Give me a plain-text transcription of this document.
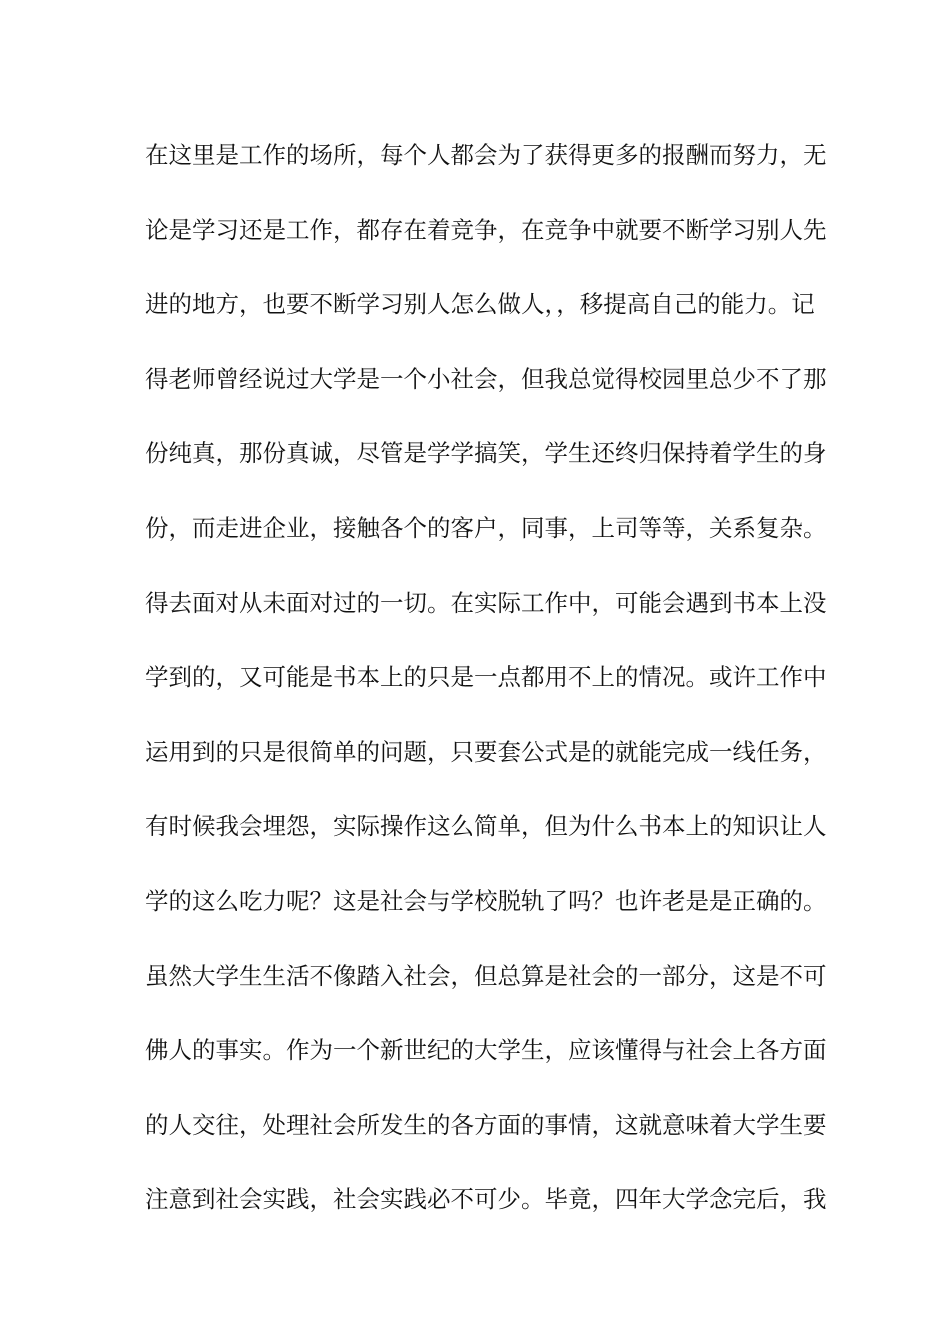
在这里是工作的场所，每个人都会为了获得更多的报酬而努力，无
论是学习还是工作，都存在着竞争，在竞争中就要不断学习别人先
进的地方，也要不断学习别人怎么做人，，移提高自己的能力。记
得老师曾经说过大学是一个小社会，但我总觉得校园里总少不了那
份纯真，那份真诚，尽管是学学搞笑，学生还终归保持着学生的身
份，而走进企业，接触各个的客户，同事，上司等等，关系复杂。
得去面对从未面对过的一切。在实际工作中，可能会遇到书本上没
学到的，又可能是书本上的只是一点都用不上的情况。或许工作中
运用到的只是很简单的问题，只要套公式是的就能完成一线任务，
有时候我会埋怨，实际操作这么简单，但为什么书本上的知识让人
学的这么吃力呢？这是社会与学校脱轨了吗？也许老是是正确的。
虽然大学生生活不像踏入社会，但总算是社会的一部分，这是不可
佛人的事实。作为一个新世纪的大学生，应该懂得与社会上各方面
的人交往，处理社会所发生的各方面的事情，这就意味着大学生要
注意到社会实践，社会实践必不可少。毕竟，四年大学念完后，我
